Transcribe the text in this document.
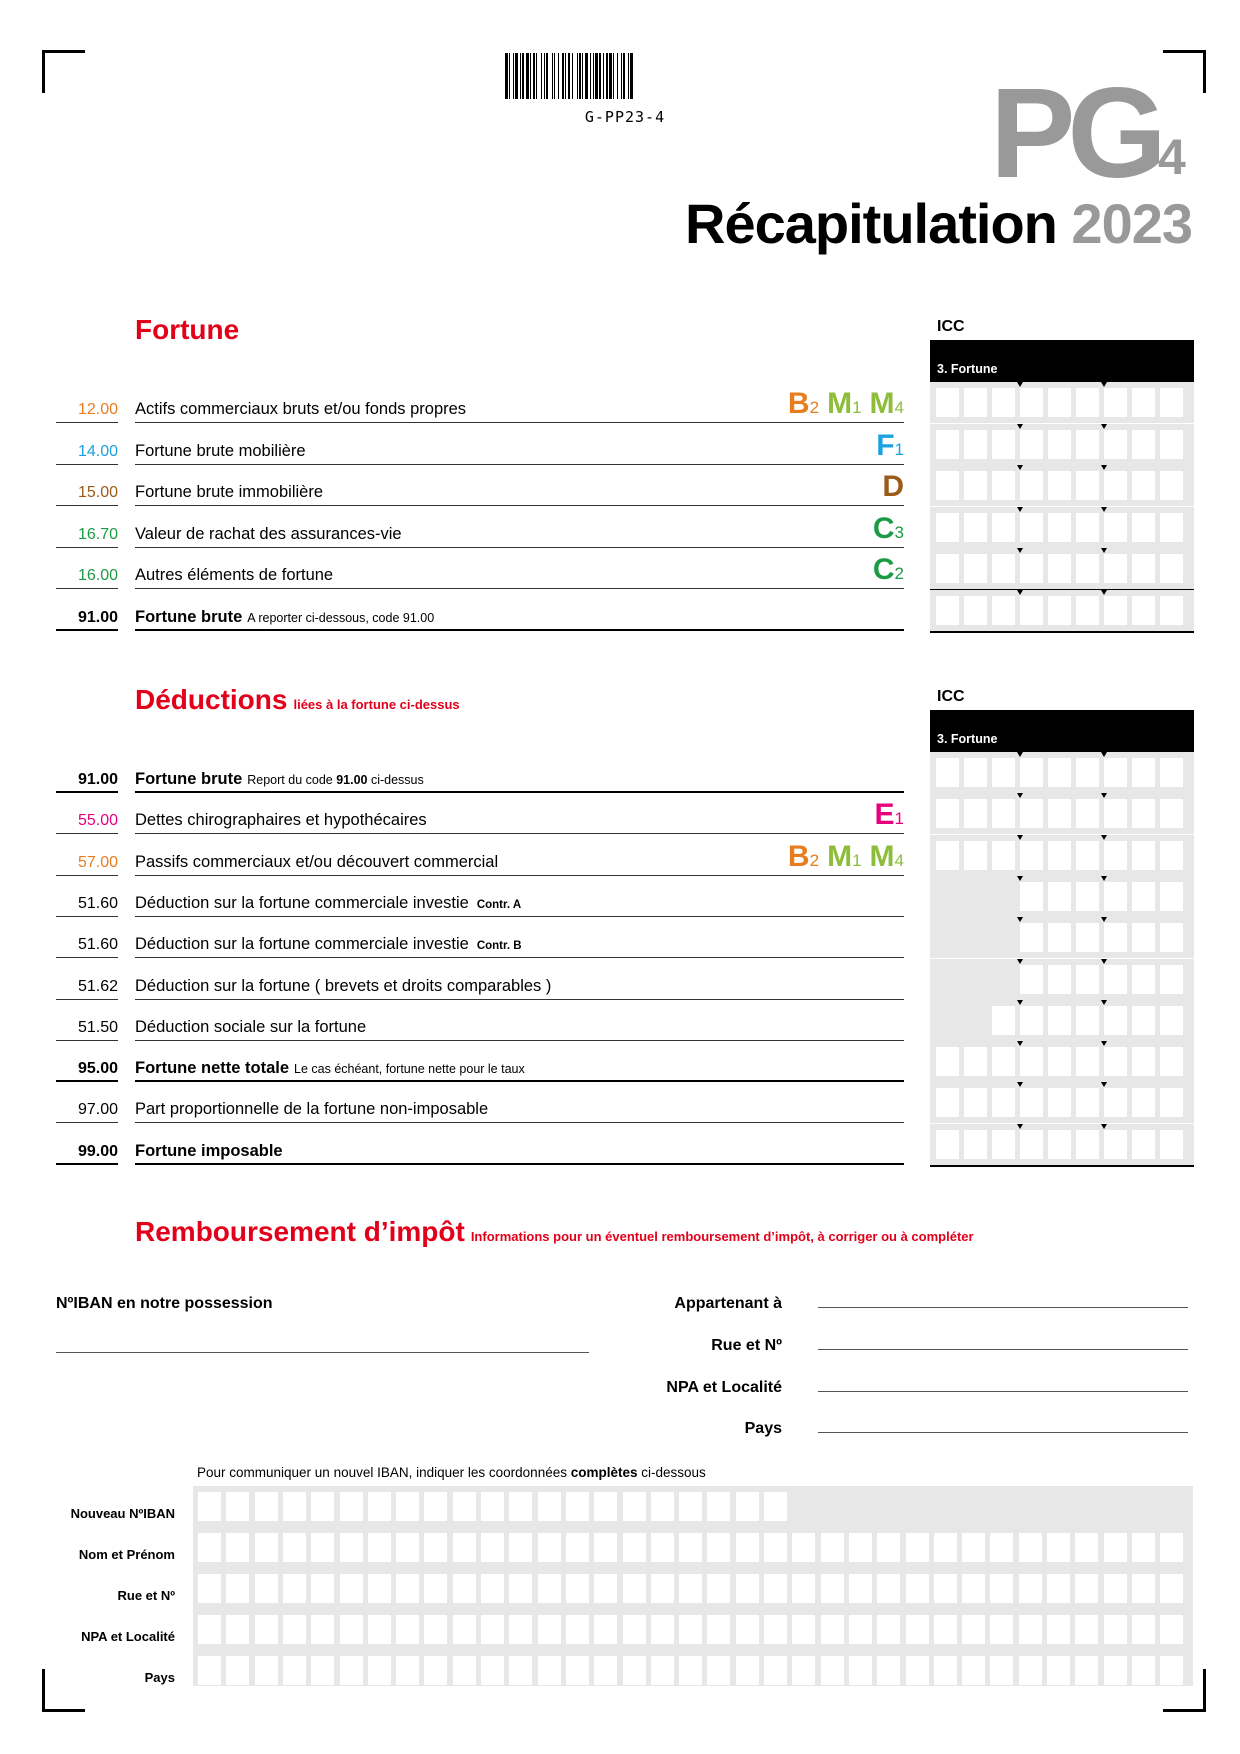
G-PP23-4	PG 4
Récapitulation 2023
Fortune	ICC
3. Fortune
Déductions liées à la fortune ci-dessus	ICC
3. Fortune
Remboursement d’impôt Informations pour un éventuel remboursement d’impôt, à corriger ou à compléter
NºIBAN en notre possession
Pour communiquer un nouvel IBAN, indiquer les coordonnées complètes ci-dessous
12.00 Actifs commerciaux bruts et/ou fonds propres	B2 M1 M4
14.00 Fortune brute mobilière	F1
15.00 Fortune brute immobilière	D
16.70 Valeur de rachat des assurances-vie	C3
16.00 Autres éléments de fortune	C2
91.00 Fortune brute A reporter ci-dessous, code 91.00
91.00 Fortune brute Report du code 91.00 ci-dessus
55.00 Dettes chirographaires et hypothécaires	E1
57.00 Passifs commerciaux et/ou découvert commercial	B2 M1 M4
51.60 Déduction sur la fortune commerciale investie Contr. A
51.60 Déduction sur la fortune commerciale investie Contr. B
51.62 Déduction sur la fortune ( brevets et droits comparables )
51.50 Déduction sociale sur la fortune
95.00 Fortune nette totale Le cas échéant, fortune nette pour le taux
97.00 Part proportionnelle de la fortune non-imposable
99.00 Fortune imposable
Appartenant à
Rue et Nº
NPA et Localité
Pays
Nouveau NºIBAN
Nom et Prénom
Rue et Nº
NPA et Localité
Pays
